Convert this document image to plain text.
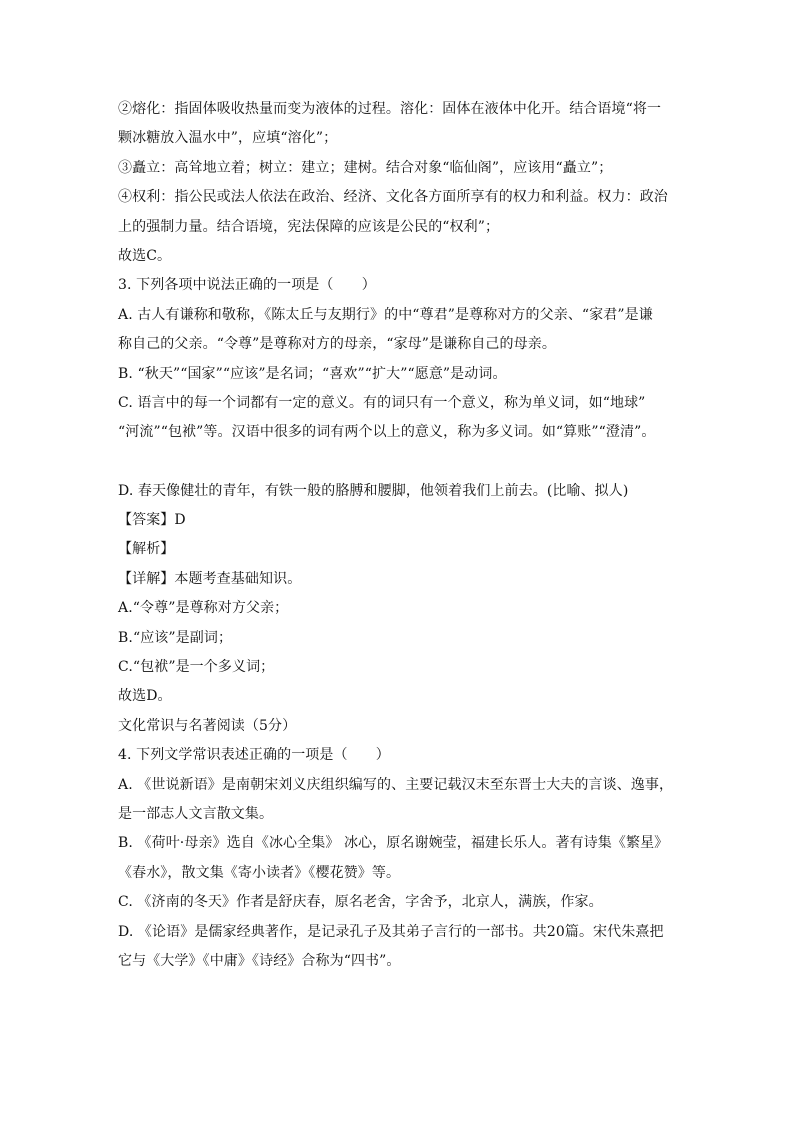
②熔化：指固体吸收热量而变为液体的过程。溶化：固体在液体中化开。结合语境“将一
颗冰糖放入温水中”，应填“溶化”；
③矗立：高耸地立着；树立：建立；建树。结合对象“临仙阁”，应该用“矗立”；
④权利：指公民或法人依法在政治、经济、文化各方面所享有的权力和利益。权力：政治
上的强制力量。结合语境，宪法保障的应该是公民的“权利”；
故选C。
3. 下列各项中说法正确的一项是（　　）
A. 古人有谦称和敬称，《陈太丘与友期行》的中“尊君”是尊称对方的父亲、“家君”是谦
称自己的父亲。“令尊”是尊称对方的母亲，“家母”是谦称自己的母亲。
B. “秋天”“国家”“应该”是名词；“喜欢”“扩大”“愿意”是动词。
C. 语言中的每一个词都有一定的意义。有的词只有一个意义，称为单义词，如“地球”
“河流”“包袱”等。汉语中很多的词有两个以上的意义，称为多义词。如“算账”“澄清”。
D. 春天像健壮的青年，有铁一般的胳膊和腰脚，他领着我们上前去。(比喻、拟人)
【答案】D
【解析】
【详解】本题考查基础知识。
A.“令尊”是尊称对方父亲；
B.“应该”是副词；
C.“包袱”是一个多义词；
故选D。
文化常识与名著阅读（5分）
4. 下列文学常识表述正确的一项是（　　）
A. 《世说新语》是南朝宋刘义庆组织编写的、主要记载汉末至东晋士大夫的言谈、逸事，
是一部志人文言散文集。
B. 《荷叶·母亲》选自《冰心全集》 冰心，原名谢婉莹，福建长乐人。著有诗集《繁星》
《春水》，散文集《寄小读者》《樱花赞》等。
C. 《济南的冬天》作者是舒庆春，原名老舍，字舍予，北京人，满族，作家。
D. 《论语》是儒家经典著作，是记录孔子及其弟子言行的一部书。共20篇。宋代朱熹把
它与《大学》《中庸》《诗经》合称为“四书”。
